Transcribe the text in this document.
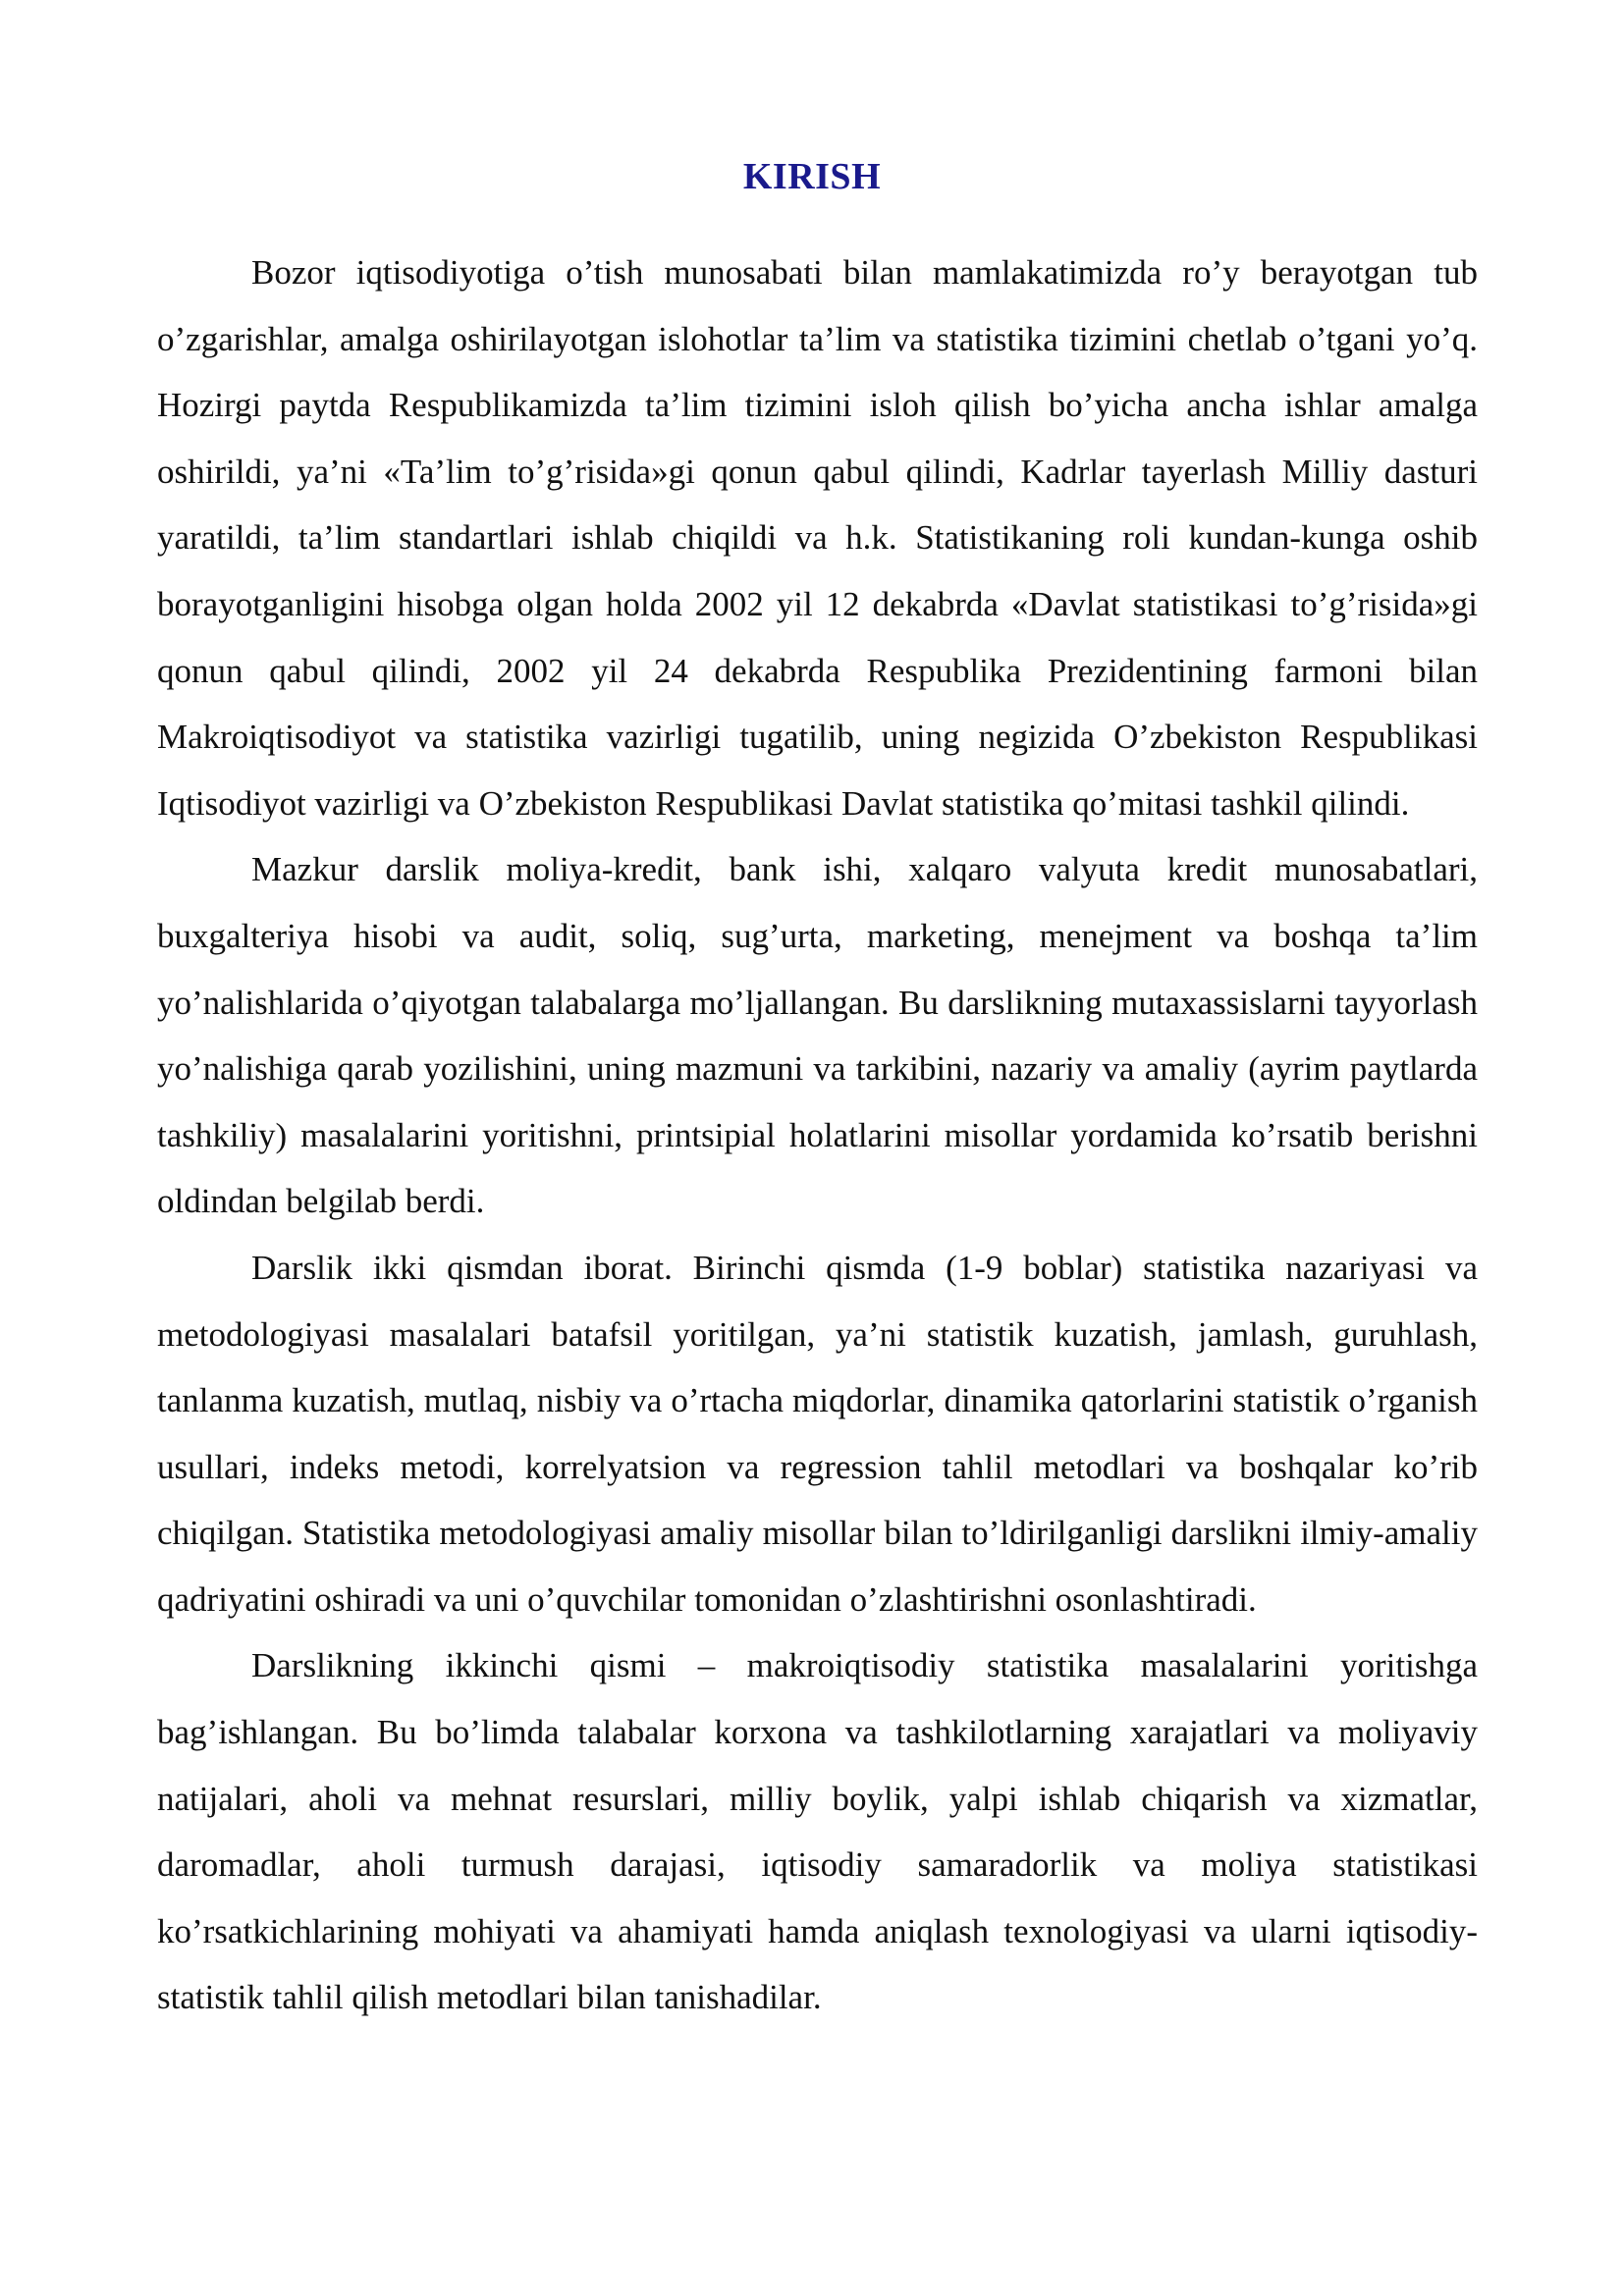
KIRISH

Bozor iqtisodiyotiga o’tish munosabati bilan mamlakatimizda ro’y berayotgan tub o’zgarishlar, amalga oshirilayotgan islohotlar ta’lim va statistika tizimini chetlab o’tgani yo’q. Hozirgi paytda Respublikamizda ta’lim tizimini isloh qilish bo’yicha ancha ishlar amalga oshirildi, ya’ni «Ta’lim to’g’risida»gi qonun qabul qilindi, Kadrlar tayerlash Milliy dasturi yaratildi, ta’lim standartlari ishlab chiqildi va h.k. Statistikaning roli kundan-kunga oshib borayotganligini hisobga olgan holda 2002 yil 12 dekabrda «Davlat statistikasi to’g’risida»gi qonun qabul qilindi, 2002 yil 24 dekabrda Respublika Prezidentining farmoni bilan Makroiqtisodiyot va statistika vazirligi tugatilib, uning negizida O’zbekiston Respublikasi Iqtisodiyot vazirligi va O’zbekiston Respublikasi Davlat statistika qo’mitasi tashkil qilindi.

Mazkur darslik moliya-kredit, bank ishi, xalqaro valyuta kredit munosabatlari, buxgalteriya hisobi va audit, soliq, sug’urta, marketing, menejment va boshqa ta’lim yo’nalishlarida o’qiyotgan talabalarga mo’ljallangan. Bu darslikning mutaxassislarni tayyorlash yo’nalishiga qarab yozilishini, uning mazmuni va tarkibini, nazariy va amaliy (ayrim paytlarda tashkiliy) masalalarini yoritishni, printsipial holatlarini misollar yordamida ko’rsatib berishni oldindan belgilab berdi.

Darslik ikki qismdan iborat. Birinchi qismda (1-9 boblar) statistika nazariyasi va metodologiyasi masalalari batafsil yoritilgan, ya’ni statistik kuzatish, jamlash, guruhlash, tanlanma kuzatish, mutlaq, nisbiy va o’rtacha miqdorlar, dinamika qatorlarini statistik o’rganish usullari, indeks metodi, korrelyatsion va regression tahlil metodlari va boshqalar ko’rib chiqilgan. Statistika metodologiyasi amaliy misollar bilan to’ldirilganligi darslikni ilmiy-amaliy qadriyatini oshiradi va uni o’quvchilar tomonidan o’zlashtirishni osonlashtiradi.

Darslikning ikkinchi qismi – makroiqtisodiy statistika masalalarini yoritishga bag’ishlangan. Bu bo’limda talabalar korxona va tashkilotlarning xarajatlari va moliyaviy natijalari, aholi va mehnat resurslari, milliy boylik, yalpi ishlab chiqarish va xizmatlar, daromadlar, aholi turmush darajasi, iqtisodiy samaradorlik va moliya statistikasi ko’rsatkichlarining mohiyati va ahamiyati hamda aniqlash texnologiyasi va ularni iqtisodiy-statistik tahlil qilish metodlari bilan tanishadilar.
